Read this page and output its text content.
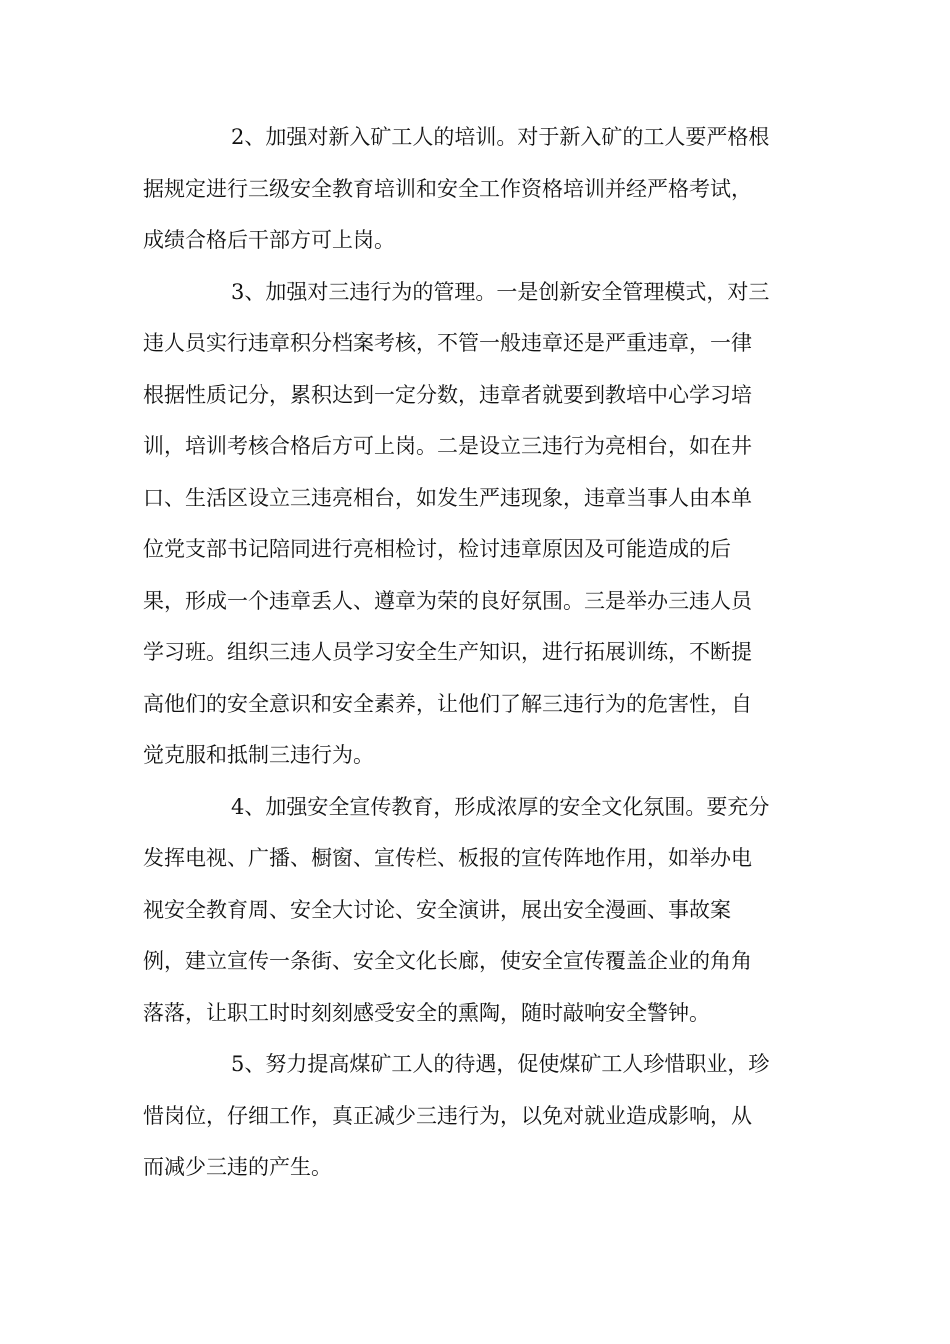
2、加强对新入矿工人的培训。对于新入矿的工人要严格根
据规定进行三级安全教育培训和安全工作资格培训并经严格考试，
成绩合格后干部方可上岗。
3、加强对三违行为的管理。一是创新安全管理模式，对三
违人员实行违章积分档案考核，不管一般违章还是严重违章，一律
根据性质记分，累积达到一定分数，违章者就要到教培中心学习培
训，培训考核合格后方可上岗。二是设立三违行为亮相台，如在井
口、生活区设立三违亮相台，如发生严违现象，违章当事人由本单
位党支部书记陪同进行亮相检讨，检讨违章原因及可能造成的后
果，形成一个违章丢人、遵章为荣的良好氛围。三是举办三违人员
学习班。组织三违人员学习安全生产知识，进行拓展训练，不断提
高他们的安全意识和安全素养，让他们了解三违行为的危害性，自
觉克服和抵制三违行为。
4、加强安全宣传教育，形成浓厚的安全文化氛围。要充分
发挥电视、广播、橱窗、宣传栏、板报的宣传阵地作用，如举办电
视安全教育周、安全大讨论、安全演讲，展出安全漫画、事故案
例，建立宣传一条街、安全文化长廊，使安全宣传覆盖企业的角角
落落，让职工时时刻刻感受安全的熏陶，随时敲响安全警钟。
5、努力提高煤矿工人的待遇，促使煤矿工人珍惜职业，珍
惜岗位，仔细工作，真正减少三违行为，以免对就业造成影响，从
而减少三违的产生。
